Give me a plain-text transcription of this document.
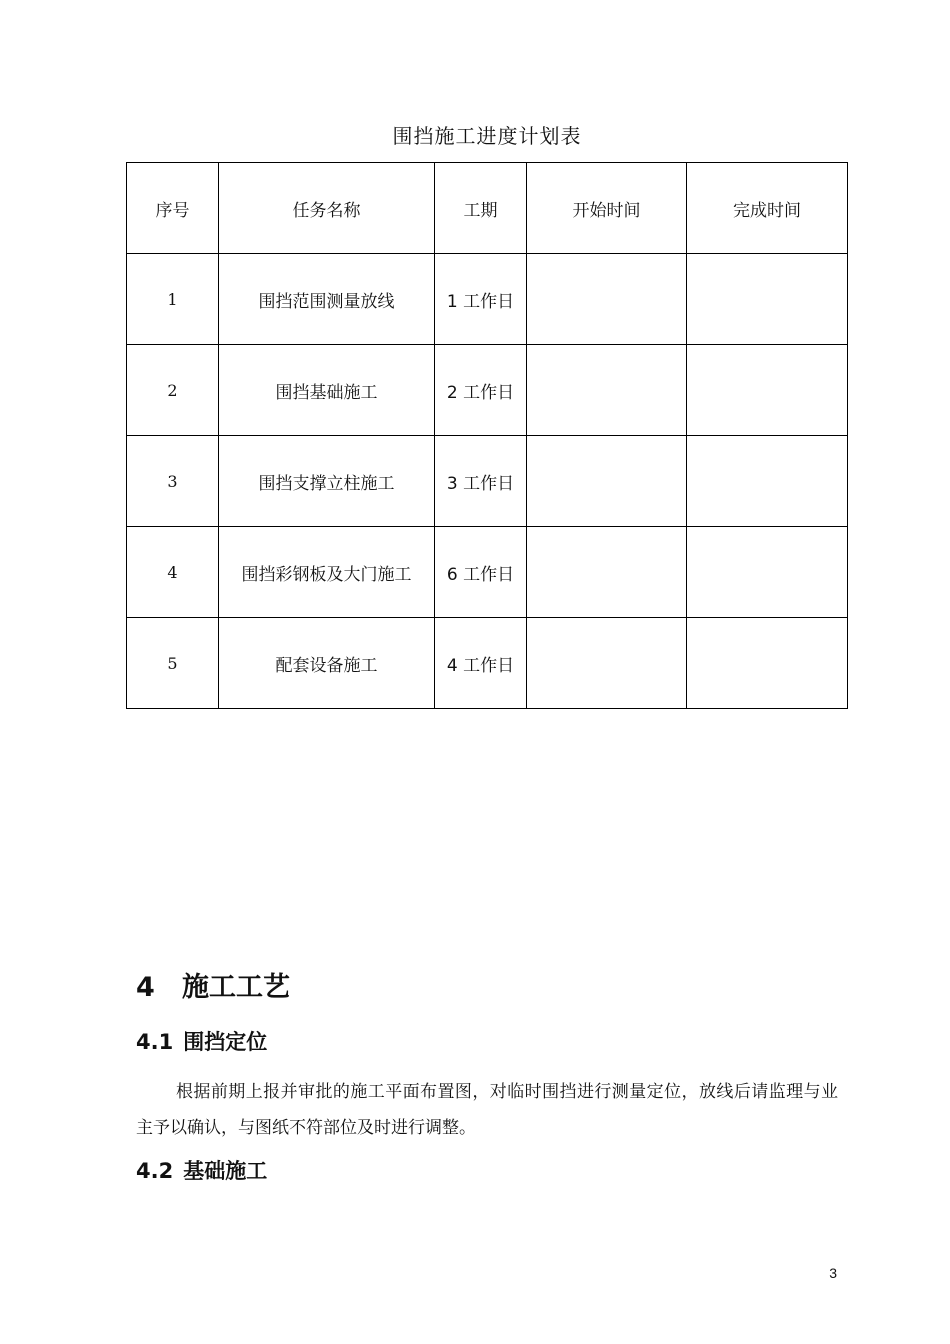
围挡施工进度计划表
序号	任务名称	工期	开始时间	完成时间
1	围挡范围测量放线	1 工作日		
2	围挡基础施工	2 工作日		
3	围挡支撑立柱施工	3 工作日		
4	围挡彩钢板及大门施工	6 工作日		
5	配套设备施工	4 工作日		
4 施工工艺
4.1 围挡定位
根据前期上报并审批的施工平面布置图，对临时围挡进行测量定位，放线后请监理与业主予以确认，与图纸不符部位及时进行调整。
4.2 基础施工
3
